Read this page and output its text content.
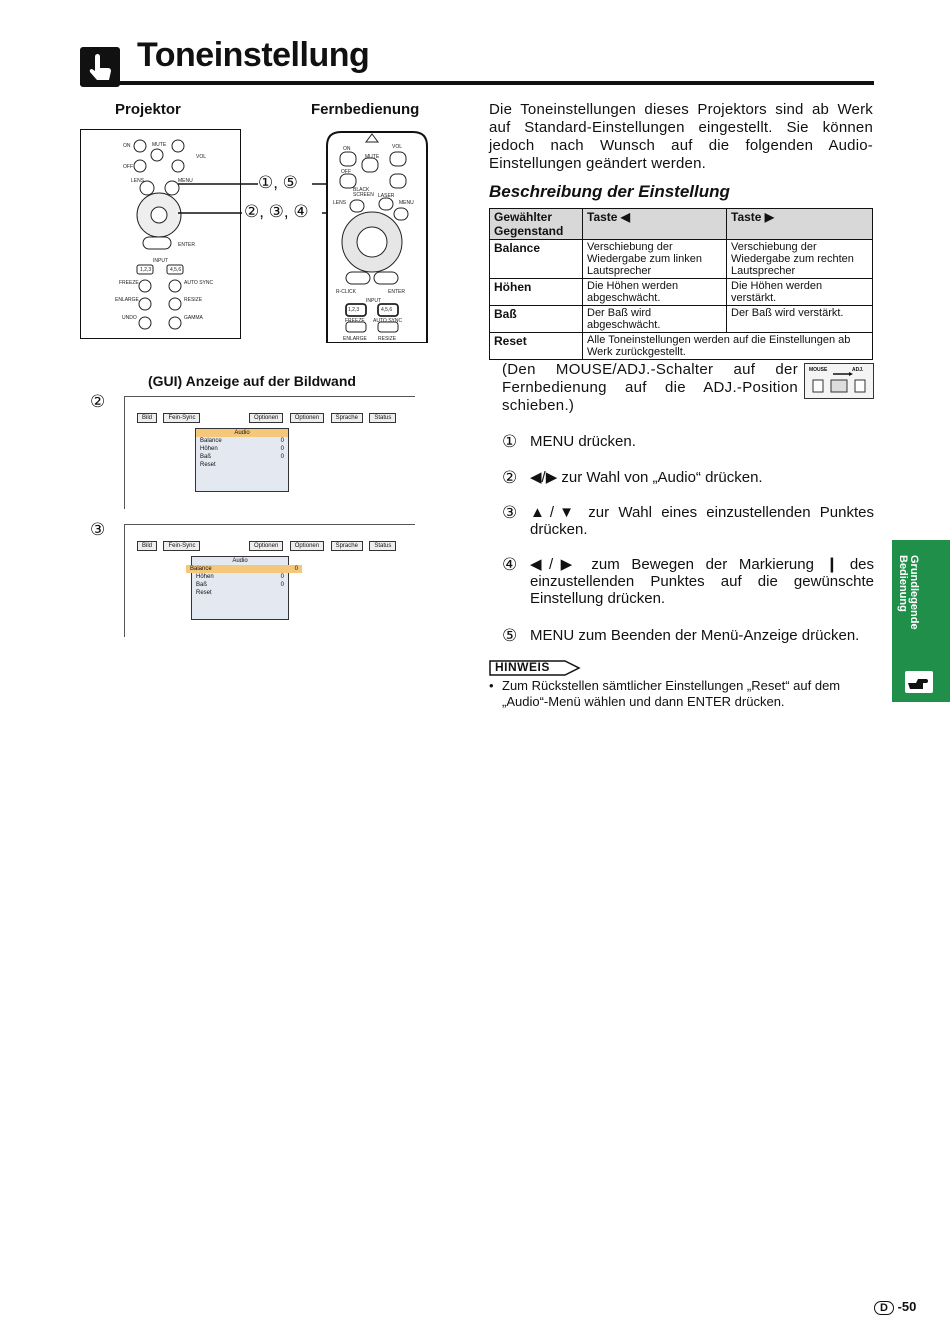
Toneinstellung
Projektor	Fernbedienung
ON	MUTE
VOL
OFF
LENS	MENU
ENTER
INPUT
1,2,3	4,5,6
FREEZE	AUTO SYNC
ENLARGE	RESIZE
UNDO	GAMMA
①, ⑤
②, ③, ④
ON
MUTE
VOL
OFF
LENS
BLACK SCREEN LASER
MENU
R-CLICK	ENTER
INPUT
1,2,3	4,5,6
FREEZE AUTO SYNC
ENLARGE RESIZE
(GUI) Anzeige auf der Bildwand
②
Bild	Fein-Sync	Optionen	Optionen	Sprache	Status
Audio
Balance	0
Höhen	0
Baß	0
Reset
③
Bild	Fein-Sync	Optionen	Optionen	Sprache	Status
Audio
Balance	0
Höhen	0
Baß	0
Reset
Die Toneinstellungen dieses Projektors sind ab Werk auf Standard-Einstellungen eingestellt. Sie können jedoch nach Wunsch auf die folgenden Audio-Einstellungen geändert werden.
Beschreibung der Einstellung
Gewählter Gegenstand	Taste ◀	Taste ▶
Balance	Verschiebung der Wiedergabe zum linken Lautsprecher	Verschiebung der Wiedergabe zum rechten Lautsprecher
Höhen	Die Höhen werden abgeschwächt.	Die Höhen werden verstärkt.
Baß	Der Baß wird abgeschwächt.	Der Baß wird verstärkt.
Reset	Alle Toneinstellungen werden auf die Einstellungen ab Werk zurückgestellt.	
(Den MOUSE/ADJ.-Schalter auf der Fernbedienung auf die ADJ.-Position schieben.)
MOUSE	ADJ.
① MENU drücken.
② ◀/▶ zur Wahl von „Audio“ drücken.
③ ▲/▼ zur Wahl eines einzustellenden Punktes drücken.
④ ◀/▶ zum Bewegen der Markierung ❙ des einzustellenden Punktes auf die gewünschte Einstellung drücken.
⑤ MENU zum Beenden der Menü-Anzeige drücken.
HINWEIS
• Zum Rückstellen sämtlicher Einstellungen „Reset“ auf dem „Audio“-Menü wählen und dann ENTER drücken.
Grundlegende Bedienung
D -50
